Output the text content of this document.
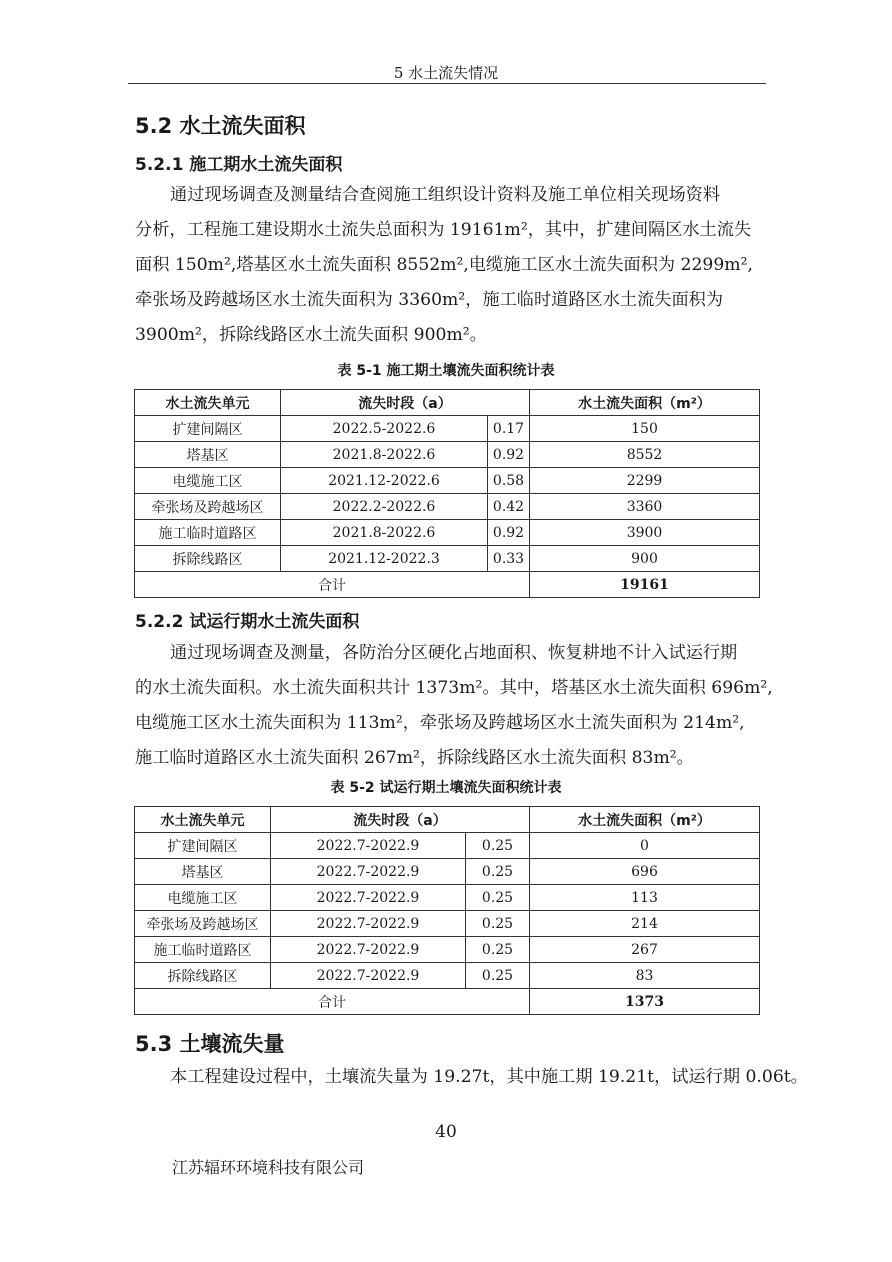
5 水土流失情况
5.2 水土流失面积
5.2.1 施工期水土流失面积
通过现场调查及测量结合查阅施工组织设计资料及施工单位相关现场资料
分析，工程施工建设期水土流失总面积为 19161m²，其中，扩建间隔区水土流失
面积 150m²,塔基区水土流失面积 8552m²,电缆施工区水土流失面积为 2299m²,
牵张场及跨越场区水土流失面积为 3360m²，施工临时道路区水土流失面积为
3900m²，拆除线路区水土流失面积 900m²。
表 5-1 施工期土壤流失面积统计表
水土流失单元	流失时段（a）		水土流失面积（m²）
扩建间隔区	2022.5-2022.6	0.17	150
塔基区	2021.8-2022.6	0.92	8552
电缆施工区	2021.12-2022.6	0.58	2299
牵张场及跨越场区	2022.2-2022.6	0.42	3360
施工临时道路区	2021.8-2022.6	0.92	3900
拆除线路区	2021.12-2022.3	0.33	900
合计			19161
5.2.2 试运行期水土流失面积
通过现场调查及测量，各防治分区硬化占地面积、恢复耕地不计入试运行期
的水土流失面积。水土流失面积共计 1373m²。其中，塔基区水土流失面积 696m²,
电缆施工区水土流失面积为 113m²，牵张场及跨越场区水土流失面积为 214m²,
施工临时道路区水土流失面积 267m²，拆除线路区水土流失面积 83m²。
表 5-2 试运行期土壤流失面积统计表
水土流失单元	流失时段（a）		水土流失面积（m²）
扩建间隔区	2022.7-2022.9	0.25	0
塔基区	2022.7-2022.9	0.25	696
电缆施工区	2022.7-2022.9	0.25	113
牵张场及跨越场区	2022.7-2022.9	0.25	214
施工临时道路区	2022.7-2022.9	0.25	267
拆除线路区	2022.7-2022.9	0.25	83
合计			1373
5.3 土壤流失量
本工程建设过程中，土壤流失量为 19.27t，其中施工期 19.21t，试运行期 0.06t。
40
江苏辐环环境科技有限公司
